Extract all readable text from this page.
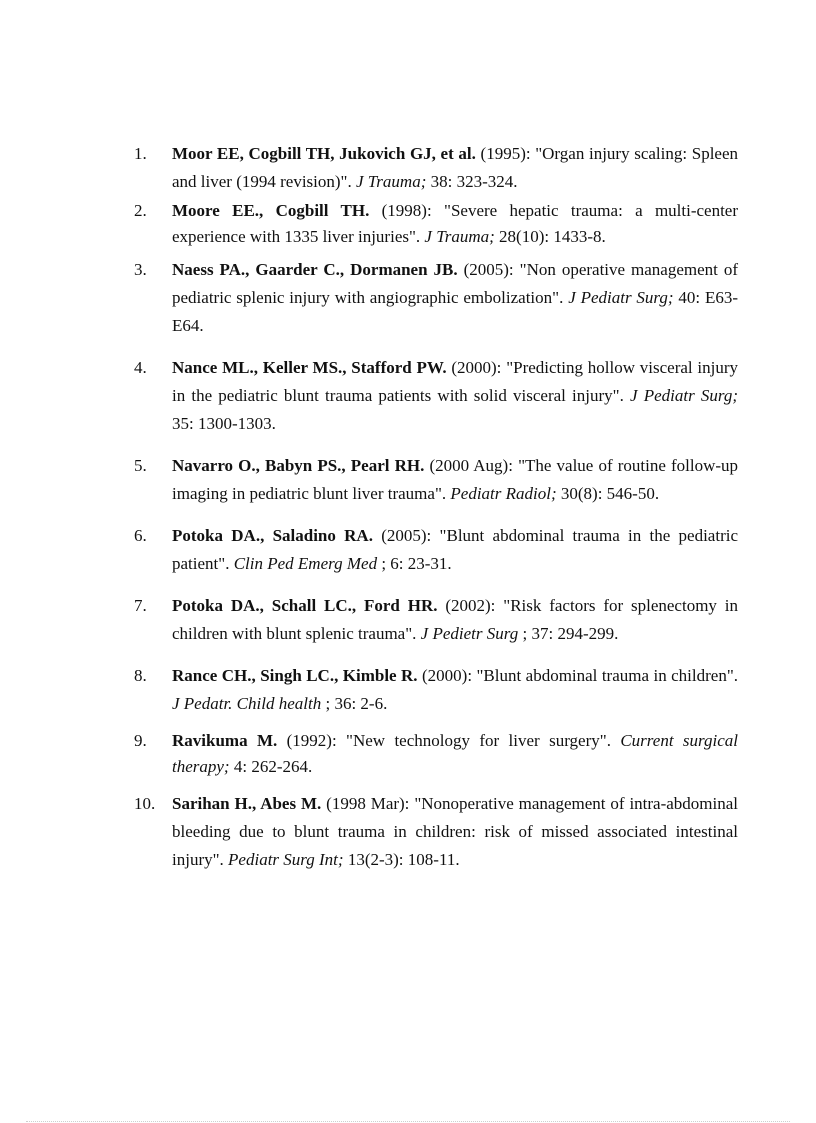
1.	Moor EE, Cogbill TH, Jukovich GJ, et al. (1995): "Organ injury scaling: Spleen and liver (1994 revision)". J Trauma; 38: 323-324.
2.	Moore EE., Cogbill TH. (1998): "Severe hepatic trauma: a multi-center experience with 1335 liver injuries". J Trauma; 28(10): 1433-8.
3.	Naess PA., Gaarder C., Dormanen JB. (2005): "Non operative management of pediatric splenic injury with angiographic embolization". J Pediatr Surg; 40: E63-E64.
4.	Nance ML., Keller MS., Stafford PW. (2000): "Predicting hollow visceral injury in the pediatric blunt trauma patients with solid visceral injury". J Pediatr Surg; 35: 1300-1303.
5.	Navarro O., Babyn PS., Pearl RH. (2000 Aug): "The value of routine follow-up imaging in pediatric blunt liver trauma". Pediatr Radiol; 30(8): 546-50.
6.	Potoka DA., Saladino RA. (2005): "Blunt abdominal trauma in the pediatric patient". Clin Ped Emerg Med ; 6: 23-31.
7.	Potoka DA., Schall LC., Ford HR. (2002): "Risk factors for splenectomy in children with blunt splenic trauma". J Pedietr Surg ; 37: 294-299.
8.	Rance CH., Singh LC., Kimble R. (2000): "Blunt abdominal trauma in children". J Pedatr. Child health ; 36: 2-6.
9.	Ravikuma M. (1992): "New technology for liver surgery". Current surgical therapy; 4: 262-264.
10. Sarihan H., Abes M. (1998 Mar): "Nonoperative management of intra-abdominal bleeding due to blunt trauma in children: risk of missed associated intestinal injury". Pediatr Surg Int; 13(2-3): 108-11.
